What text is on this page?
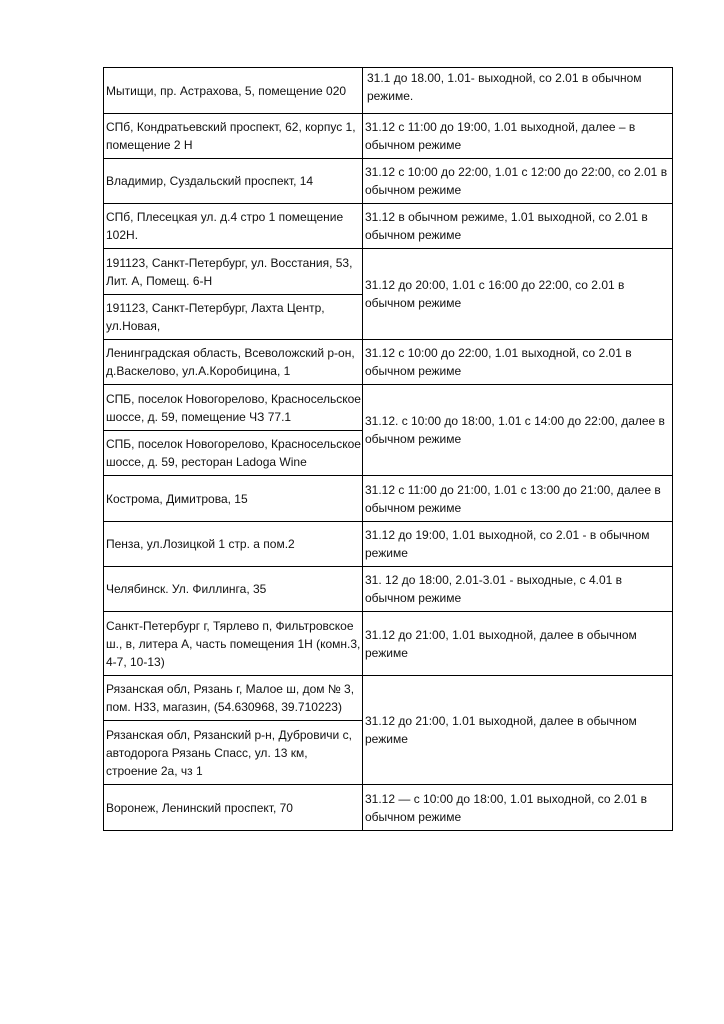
Мытищи, пр. Астрахова, 5, помещение 020	31.1 до 18.00, 1.01- выходной, со 2.01 в обычном режиме.
СПб, Кондратьевский проспект, 62, корпус 1, помещение 2 Н	31.12 с 11:00 до 19:00, 1.01 выходной, далее – в обычном режиме
Владимир, Суздальский проспект, 14	31.12 с 10:00 до 22:00, 1.01 с 12:00 до 22:00, со 2.01 в обычном режиме
СПб, Плесецкая ул. д.4 стро 1 помещение 102Н.	31.12 в обычном режиме, 1.01 выходной, со 2.01 в обычном режиме
191123, Санкт-Петербург, ул. Восстания, 53, Лит. А, Помещ. 6-Н	31.12 до 20:00, 1.01 с 16:00 до 22:00, со 2.01 в обычном режиме
191123, Санкт-Петербург, Лахта Центр, ул.Новая,	
Ленинградская область, Всеволожский р-он, д.Васкелово, ул.А.Коробицина, 1	31.12 с 10:00 до 22:00, 1.01 выходной, со 2.01 в обычном режиме
СПБ, поселок Новогорелово, Красносельское шоссе, д. 59, помещение ЧЗ 77.1	31.12. с 10:00 до 18:00, 1.01 с 14:00 до 22:00, далее в обычном режиме
СПБ, поселок Новогорелово, Красносельское шоссе, д. 59, ресторан Ladoga Wine	
Кострома, Димитрова, 15	31.12 с 11:00 до 21:00, 1.01 с 13:00 до 21:00, далее в обычном режиме
Пенза, ул.Лозицкой 1 стр. а пом.2	31.12 до 19:00, 1.01 выходной, со 2.01 - в обычном режиме
Челябинск. Ул. Филлинга, 35	31. 12 до 18:00, 2.01-3.01 - выходные, с 4.01 в обычном режиме
Санкт-Петербург г, Тярлево п, Фильтровское ш., в, литера А, часть помещения 1Н (комн.3, 4-7, 10-13)	31.12 до 21:00, 1.01 выходной, далее в обычном режиме
Рязанская обл, Рязань г, Малое ш, дом № 3, пом. Н33, магазин, (54.630968, 39.710223)	31.12 до 21:00, 1.01 выходной, далее в обычном режиме
Рязанская обл, Рязанский р-н, Дубровичи с, автодорога Рязань Спасс, ул. 13 км, строение 2а, чз 1	
Воронеж, Ленинский проспект, 70	31.12 — с 10:00 до 18:00, 1.01 выходной, со 2.01 в обычном режиме
